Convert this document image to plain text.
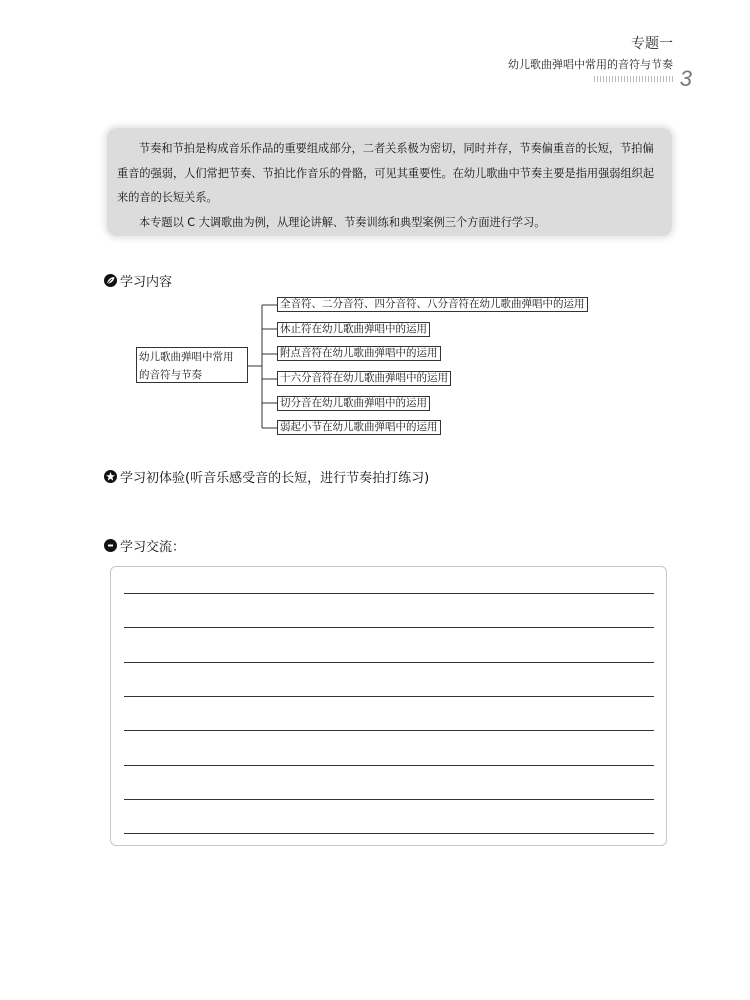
专题一
幼儿歌曲弹唱中常用的音符与节奏
3

节奏和节拍是构成音乐作品的重要组成部分，二者关系极为密切，同时并存，节奏偏重音的长短，节拍偏重音的强弱，人们常把节奏、节拍比作音乐的骨骼，可见其重要性。在幼儿歌曲中节奏主要是指用强弱组织起来的音的长短关系。

本专题以 C 大调歌曲为例，从理论讲解、节奏训练和典型案例三个方面进行学习。

学习内容
幼儿歌曲弹唱中常用
的音符与节奏
全音符、二分音符、四分音符、八分音符在幼儿歌曲弹唱中的运用
休止符在幼儿歌曲弹唱中的运用
附点音符在幼儿歌曲弹唱中的运用
十六分音符在幼儿歌曲弹唱中的运用
切分音在幼儿歌曲弹唱中的运用
弱起小节在幼儿歌曲弹唱中的运用
学习初体验(听音乐感受音的长短，进行节奏拍打练习)
学习交流：
